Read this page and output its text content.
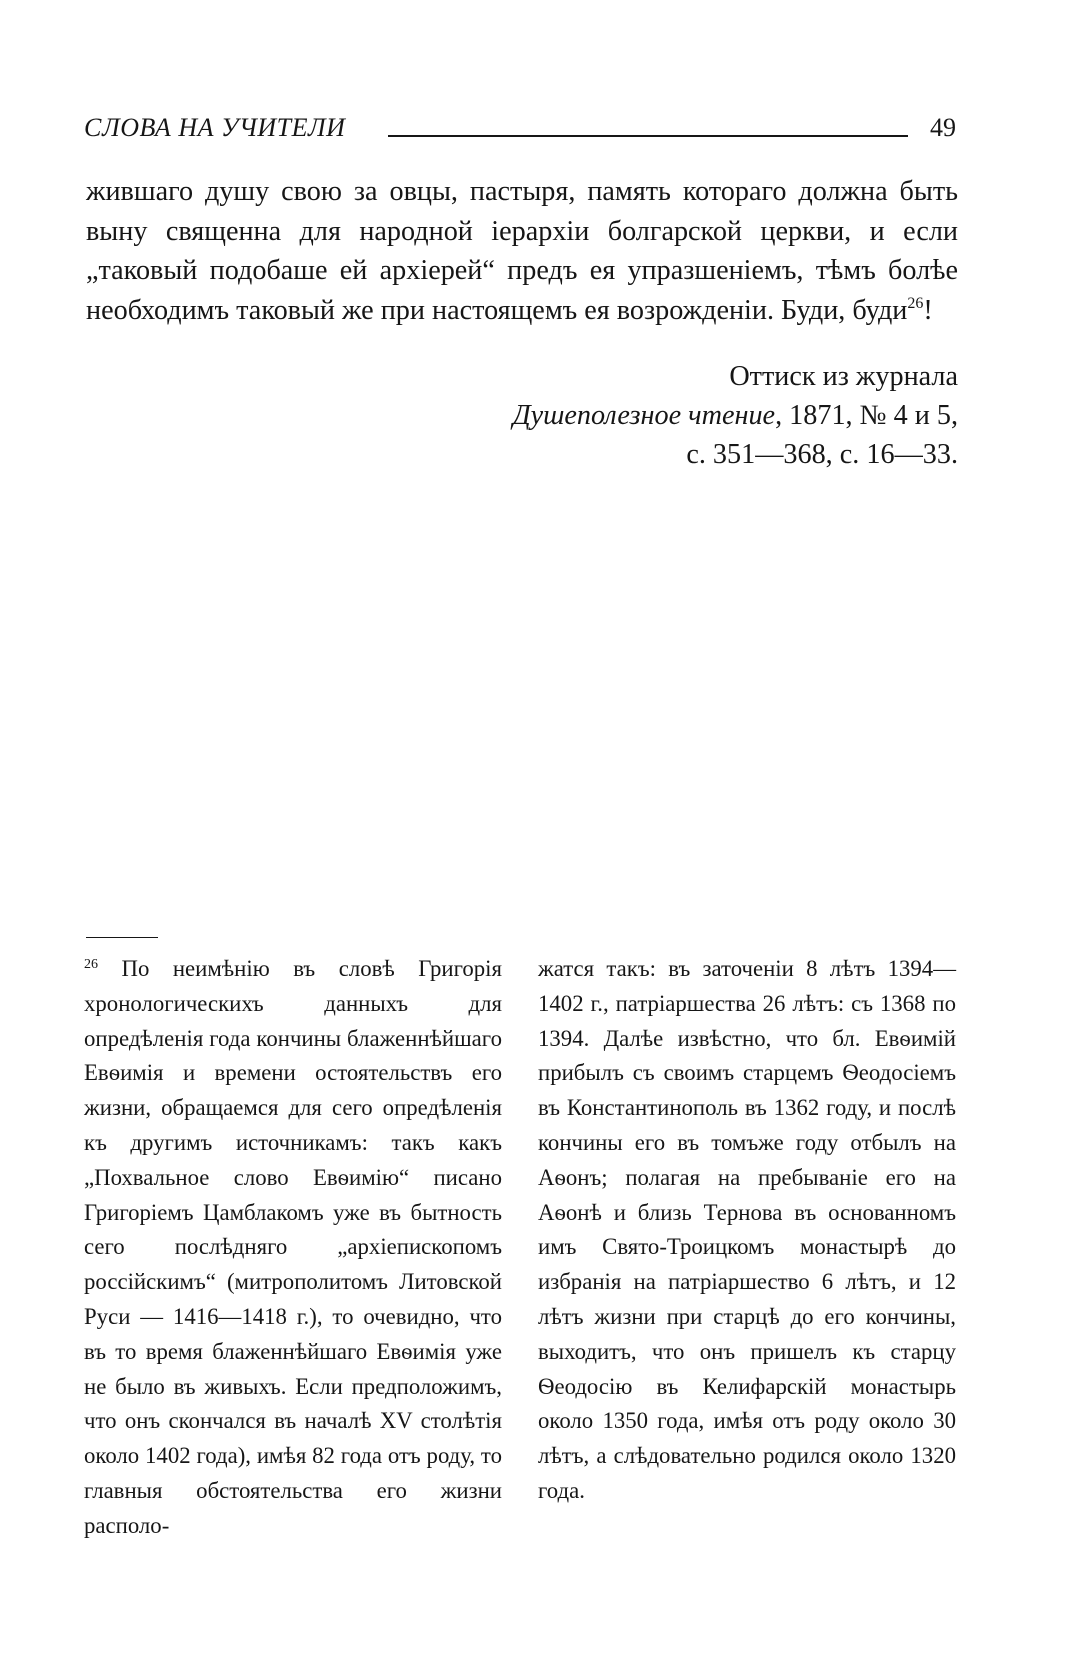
СЛОВА НА УЧИТЕЛИ	49

жившаго душу свою за овцы, пастыря, память котораго должна быть выну священна для народной іерархіи болгарской церкви, и если „таковый подобаше ей архіерей“ предъ ея упразшеніемъ, тѣмъ болѣе необходимъ таковый же при настоящемъ ея возрожденіи. Буди, буди$^{26}$!

Оттиск из журнала
Душеполезное чтение, 1871, № 4 и 5,
с. 351—368, с. 16—33.
$^{26}$ По неимѣнію въ словѣ Григорія хронологическихъ данныхъ для опредѣленія года кончины блаженнѣйшаго Евѳимія и времени остоятельствъ его жизни, обращаемся для сего опредѣленія къ другимъ источникамъ: такъ какъ „Похвальное слово Евѳимію“ писано Григоріемъ Цамблакомъ уже въ бытность сего послѣдняго „архіепископомъ россійскимъ“ (митрополитомъ Литовской Руси — 1416—1418 г.), то очевидно, что въ то время блаженнѣйшаго Евѳимія уже не было въ живыхъ. Если предположимъ, что онъ скончался въ началѣ XV столѣтія около 1402 года), имѣя 82 года отъ роду, то главныя обстоятельства его жизни располо-
жатся такъ: въ заточеніи 8 лѣтъ 1394—1402 г., патріаршества 26 лѣтъ: съ 1368 по 1394. Далѣе извѣстно, что бл. Евѳимій прибылъ съ своимъ старцемъ Ѳеодосіемъ въ Константинополь въ 1362 году, и послѣ кончины его въ томъже году отбылъ на Аѳонъ; полагая на пребываніе его на Аѳонѣ и близь Тернова въ основанномъ имъ Свято-Троицкомъ монастырѣ до избранія на патріаршество 6 лѣтъ, и 12 лѣтъ жизни при старцѣ до его кончины, выходитъ, что онъ пришелъ къ старцу Ѳеодосію въ Келифарскій монастырь около 1350 года, имѣя отъ роду около 30 лѣтъ, а слѣдовательно родился около 1320 года.
